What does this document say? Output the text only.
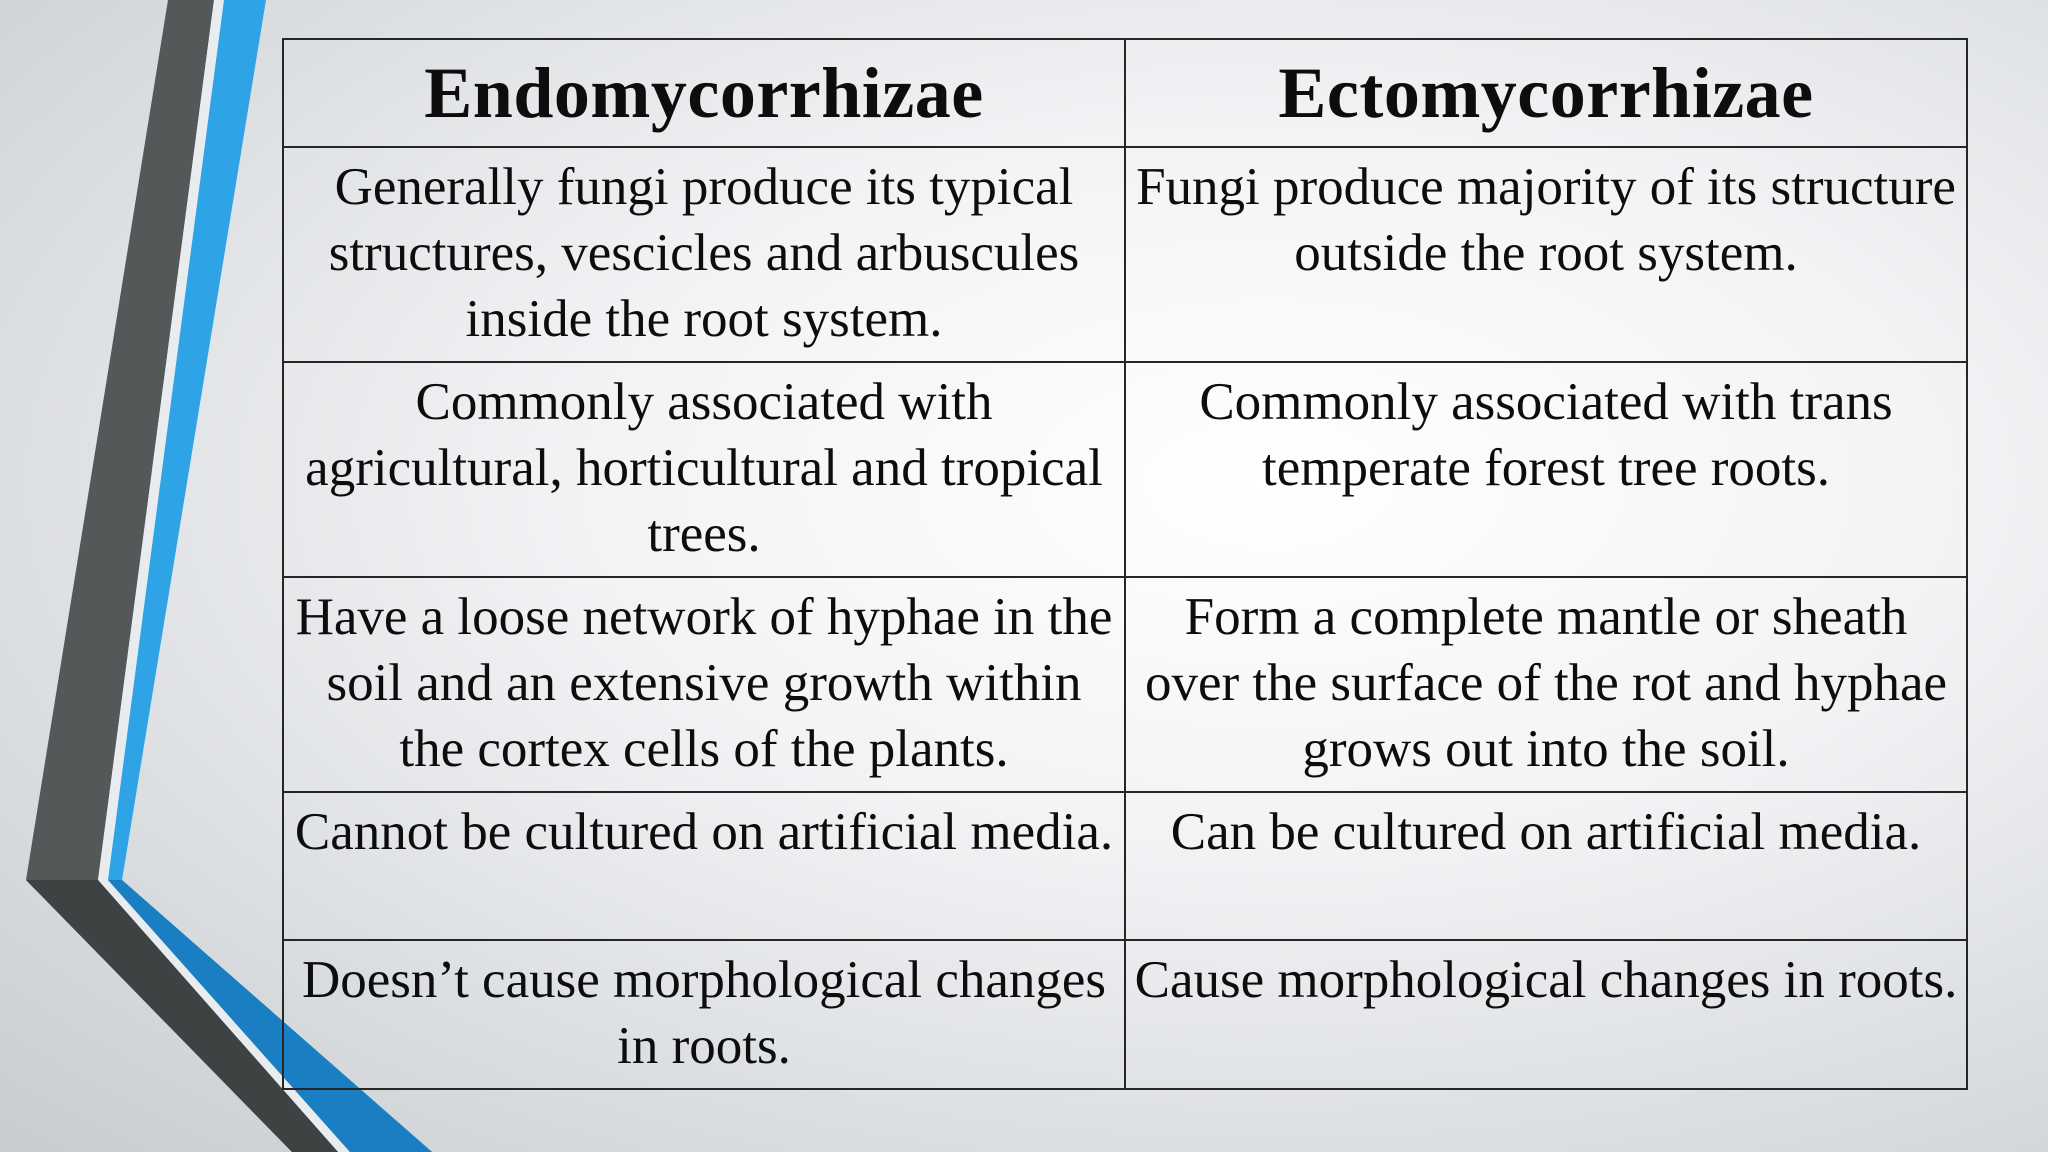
Endomycorrhizae	Ectomycorrhizae
Generally fungi produce its typical structures, vescicles and arbuscules inside the root system.	Fungi produce majority of its structure outside the root system.
Commonly associated with agricultural, horticultural and tropical trees.	Commonly associated with trans temperate forest tree roots.
Have a loose network of hyphae in the soil and an extensive growth within the cortex cells of the plants.	Form a complete mantle or sheath over the surface of the rot and hyphae grows out into the soil.
Cannot be cultured on artificial media.	Can be cultured on artificial media.
Doesn’t cause morphological changes in roots.	Cause morphological changes in roots.
